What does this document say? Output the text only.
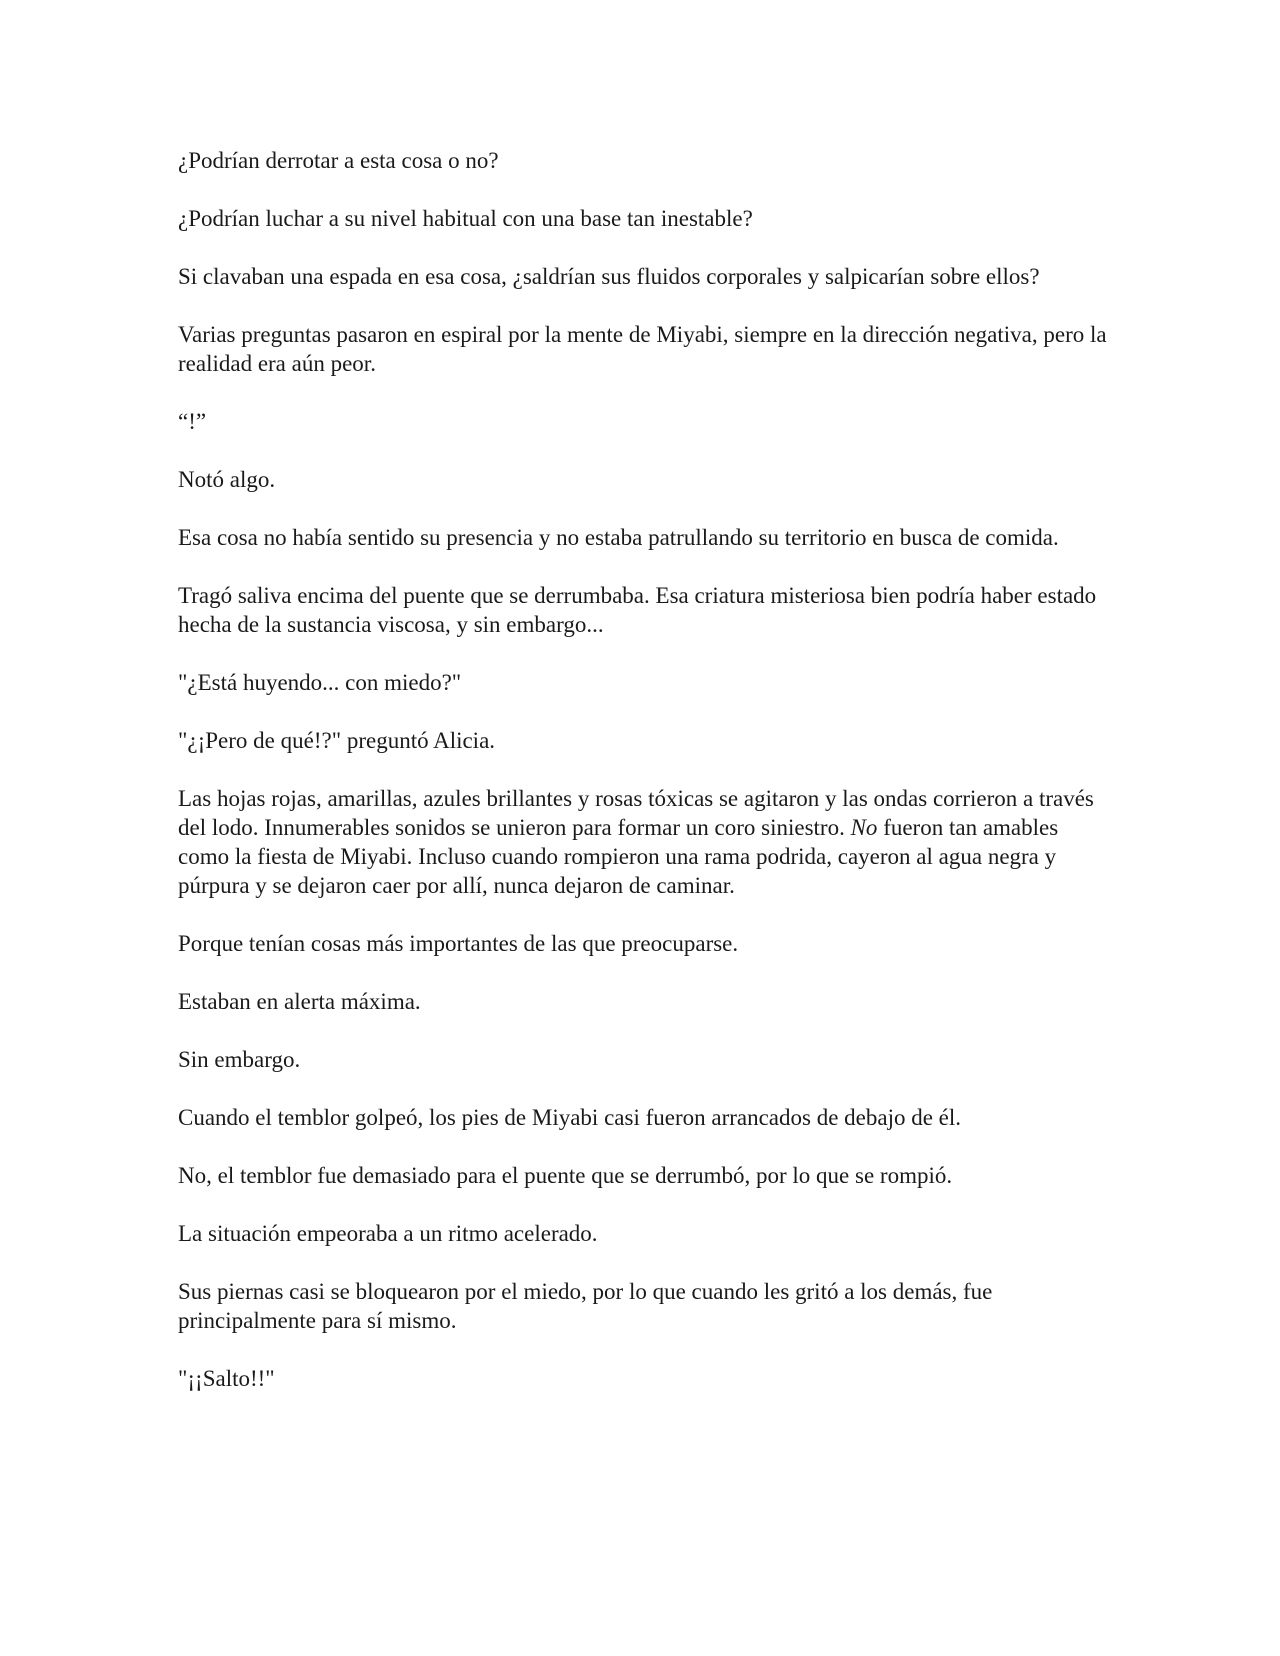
¿Podrían derrotar a esta cosa o no?

¿Podrían luchar a su nivel habitual con una base tan inestable?

Si clavaban una espada en esa cosa, ¿saldrían sus fluidos corporales y salpicarían sobre ellos?

Varias preguntas pasaron en espiral por la mente de Miyabi, siempre en la dirección negativa, pero la realidad era aún peor.

“!”

Notó algo.

Esa cosa no había sentido su presencia y no estaba patrullando su territorio en busca de comida.

Tragó saliva encima del puente que se derrumbaba. Esa criatura misteriosa bien podría haber estado hecha de la sustancia viscosa, y sin embargo...

"¿Está huyendo... con miedo?"

"¿¡Pero de qué!?" preguntó Alicia.

Las hojas rojas, amarillas, azules brillantes y rosas tóxicas se agitaron y las ondas corrieron a través del lodo. Innumerables sonidos se unieron para formar un coro siniestro. No fueron tan amables como la fiesta de Miyabi. Incluso cuando rompieron una rama podrida, cayeron al agua negra y púrpura y se dejaron caer por allí, nunca dejaron de caminar.

Porque tenían cosas más importantes de las que preocuparse.

Estaban en alerta máxima.

Sin embargo.

Cuando el temblor golpeó, los pies de Miyabi casi fueron arrancados de debajo de él.

No, el temblor fue demasiado para el puente que se derrumbó, por lo que se rompió.

La situación empeoraba a un ritmo acelerado.

Sus piernas casi se bloquearon por el miedo, por lo que cuando les gritó a los demás, fue principalmente para sí mismo.

"¡¡Salto!!"
